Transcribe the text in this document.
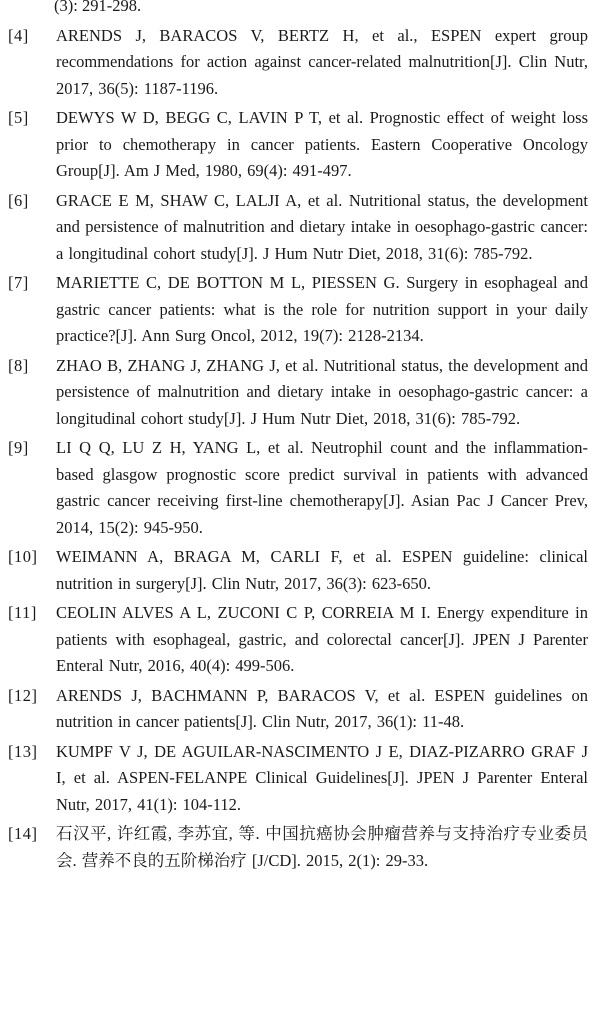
(3): 291-298.
[4]	ARENDS J, BARACOS V, BERTZ H, et al., ESPEN expert group recommendations for action against cancer-related malnutrition[J]. Clin Nutr, 2017, 36(5): 1187-1196.
[5]	DEWYS W D, BEGG C, LAVIN P T, et al. Prognostic effect of weight loss prior to chemotherapy in cancer patients. Eastern Cooperative Oncology Group[J]. Am J Med, 1980, 69(4): 491-497.
[6]	GRACE E M, SHAW C, LALJI A, et al. Nutritional status, the development and persistence of malnutrition and dietary intake in oesophago-gastric cancer: a longitudinal cohort study[J]. J Hum Nutr Diet, 2018, 31(6): 785-792.
[7]	MARIETTE C, DE BOTTON M L, PIESSEN G. Surgery in esophageal and gastric cancer patients: what is the role for nutrition support in your daily practice?[J]. Ann Surg Oncol, 2012, 19(7): 2128-2134.
[8]	ZHAO B, ZHANG J, ZHANG J, et al. Nutritional status, the development and persistence of malnutrition and dietary intake in oesophago-gastric cancer: a longitudinal cohort study[J]. J Hum Nutr Diet, 2018, 31(6): 785-792.
[9]	LI Q Q, LU Z H, YANG L, et al. Neutrophil count and the inflammation-based glasgow prognostic score predict survival in patients with advanced gastric cancer receiving first-line chemotherapy[J]. Asian Pac J Cancer Prev, 2014, 15(2): 945-950.
[10]	WEIMANN A, BRAGA M, CARLI F, et al. ESPEN guideline: clinical nutrition in surgery[J]. Clin Nutr, 2017, 36(3): 623-650.
[11]	CEOLIN ALVES A L, ZUCONI C P, CORREIA M I. Energy expenditure in patients with esophageal, gastric, and colorectal cancer[J]. JPEN J Parenter Enteral Nutr, 2016, 40(4): 499-506.
[12]	ARENDS J, BACHMANN P, BARACOS V, et al. ESPEN guidelines on nutrition in cancer patients[J]. Clin Nutr, 2017, 36(1): 11-48.
[13]	KUMPF V J, DE AGUILAR-NASCIMENTO J E, DIAZ-PIZARRO GRAF J I, et al. ASPEN-FELANPE Clinical Guidelines[J]. JPEN J Parenter Enteral Nutr, 2017, 41(1): 104-112.
[14]	石汉平, 许红霞, 李苏宜, 等. 中国抗癌协会肿瘤营养与支持治疗专业委员会. 营养不良的五阶梯治疗 [J/CD]. 2015, 2(1): 29-33.
